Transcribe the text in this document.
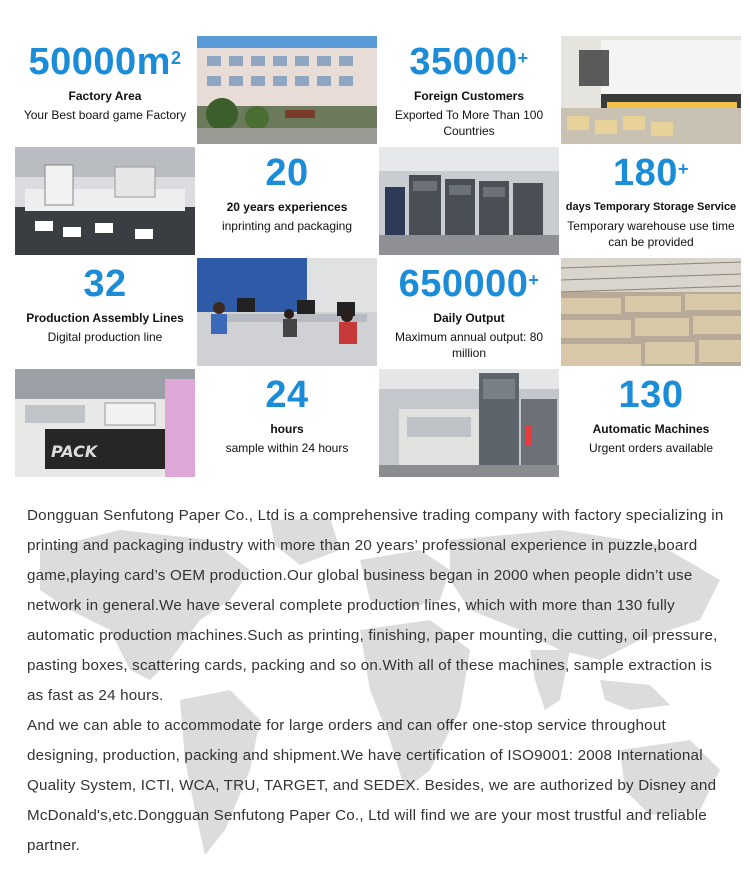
$50000m^2$
Factory Area
Your Best board game Factory
35000+
Foreign Customers
Exported To More Than 100 Countries
20
20 years experiences
inprinting and packaging
180+
days Temporary Storage Service
Temporary warehouse use time can be provided
32
Production Assembly Lines
Digital production line
650000+
Daily Output
Maximum annual output: 80 million
PACK
24
hours
sample within 24 hours
130
Automatic Machines
Urgent orders available

Dongguan Senfutong Paper Co., Ltd is a comprehensive trading company with factory specializing in printing and packaging industry with more than 20 years’ professional experience in puzzle,board game,playing card’s OEM production.Our global business began in 2000 when people didn’t use network in general.We have several complete production lines, which with more than 130 fully automatic production machines.Such as printing, finishing, paper mounting, die cutting, oil pressure, pasting boxes, scattering cards, packing and so on.With all of these machines, sample extraction is as fast as 24 hours.

And we can able to accommodate for large orders and can offer one-stop service throughout designing, production, packing and shipment.We have certification of ISO9001: 2008 International Quality System, ICTI, WCA, TRU, TARGET, and SEDEX. Besides, we are authorized by Disney and McDonald's,etc.Dongguan Senfutong Paper Co., Ltd will find we are your most trustful and reliable partner.
